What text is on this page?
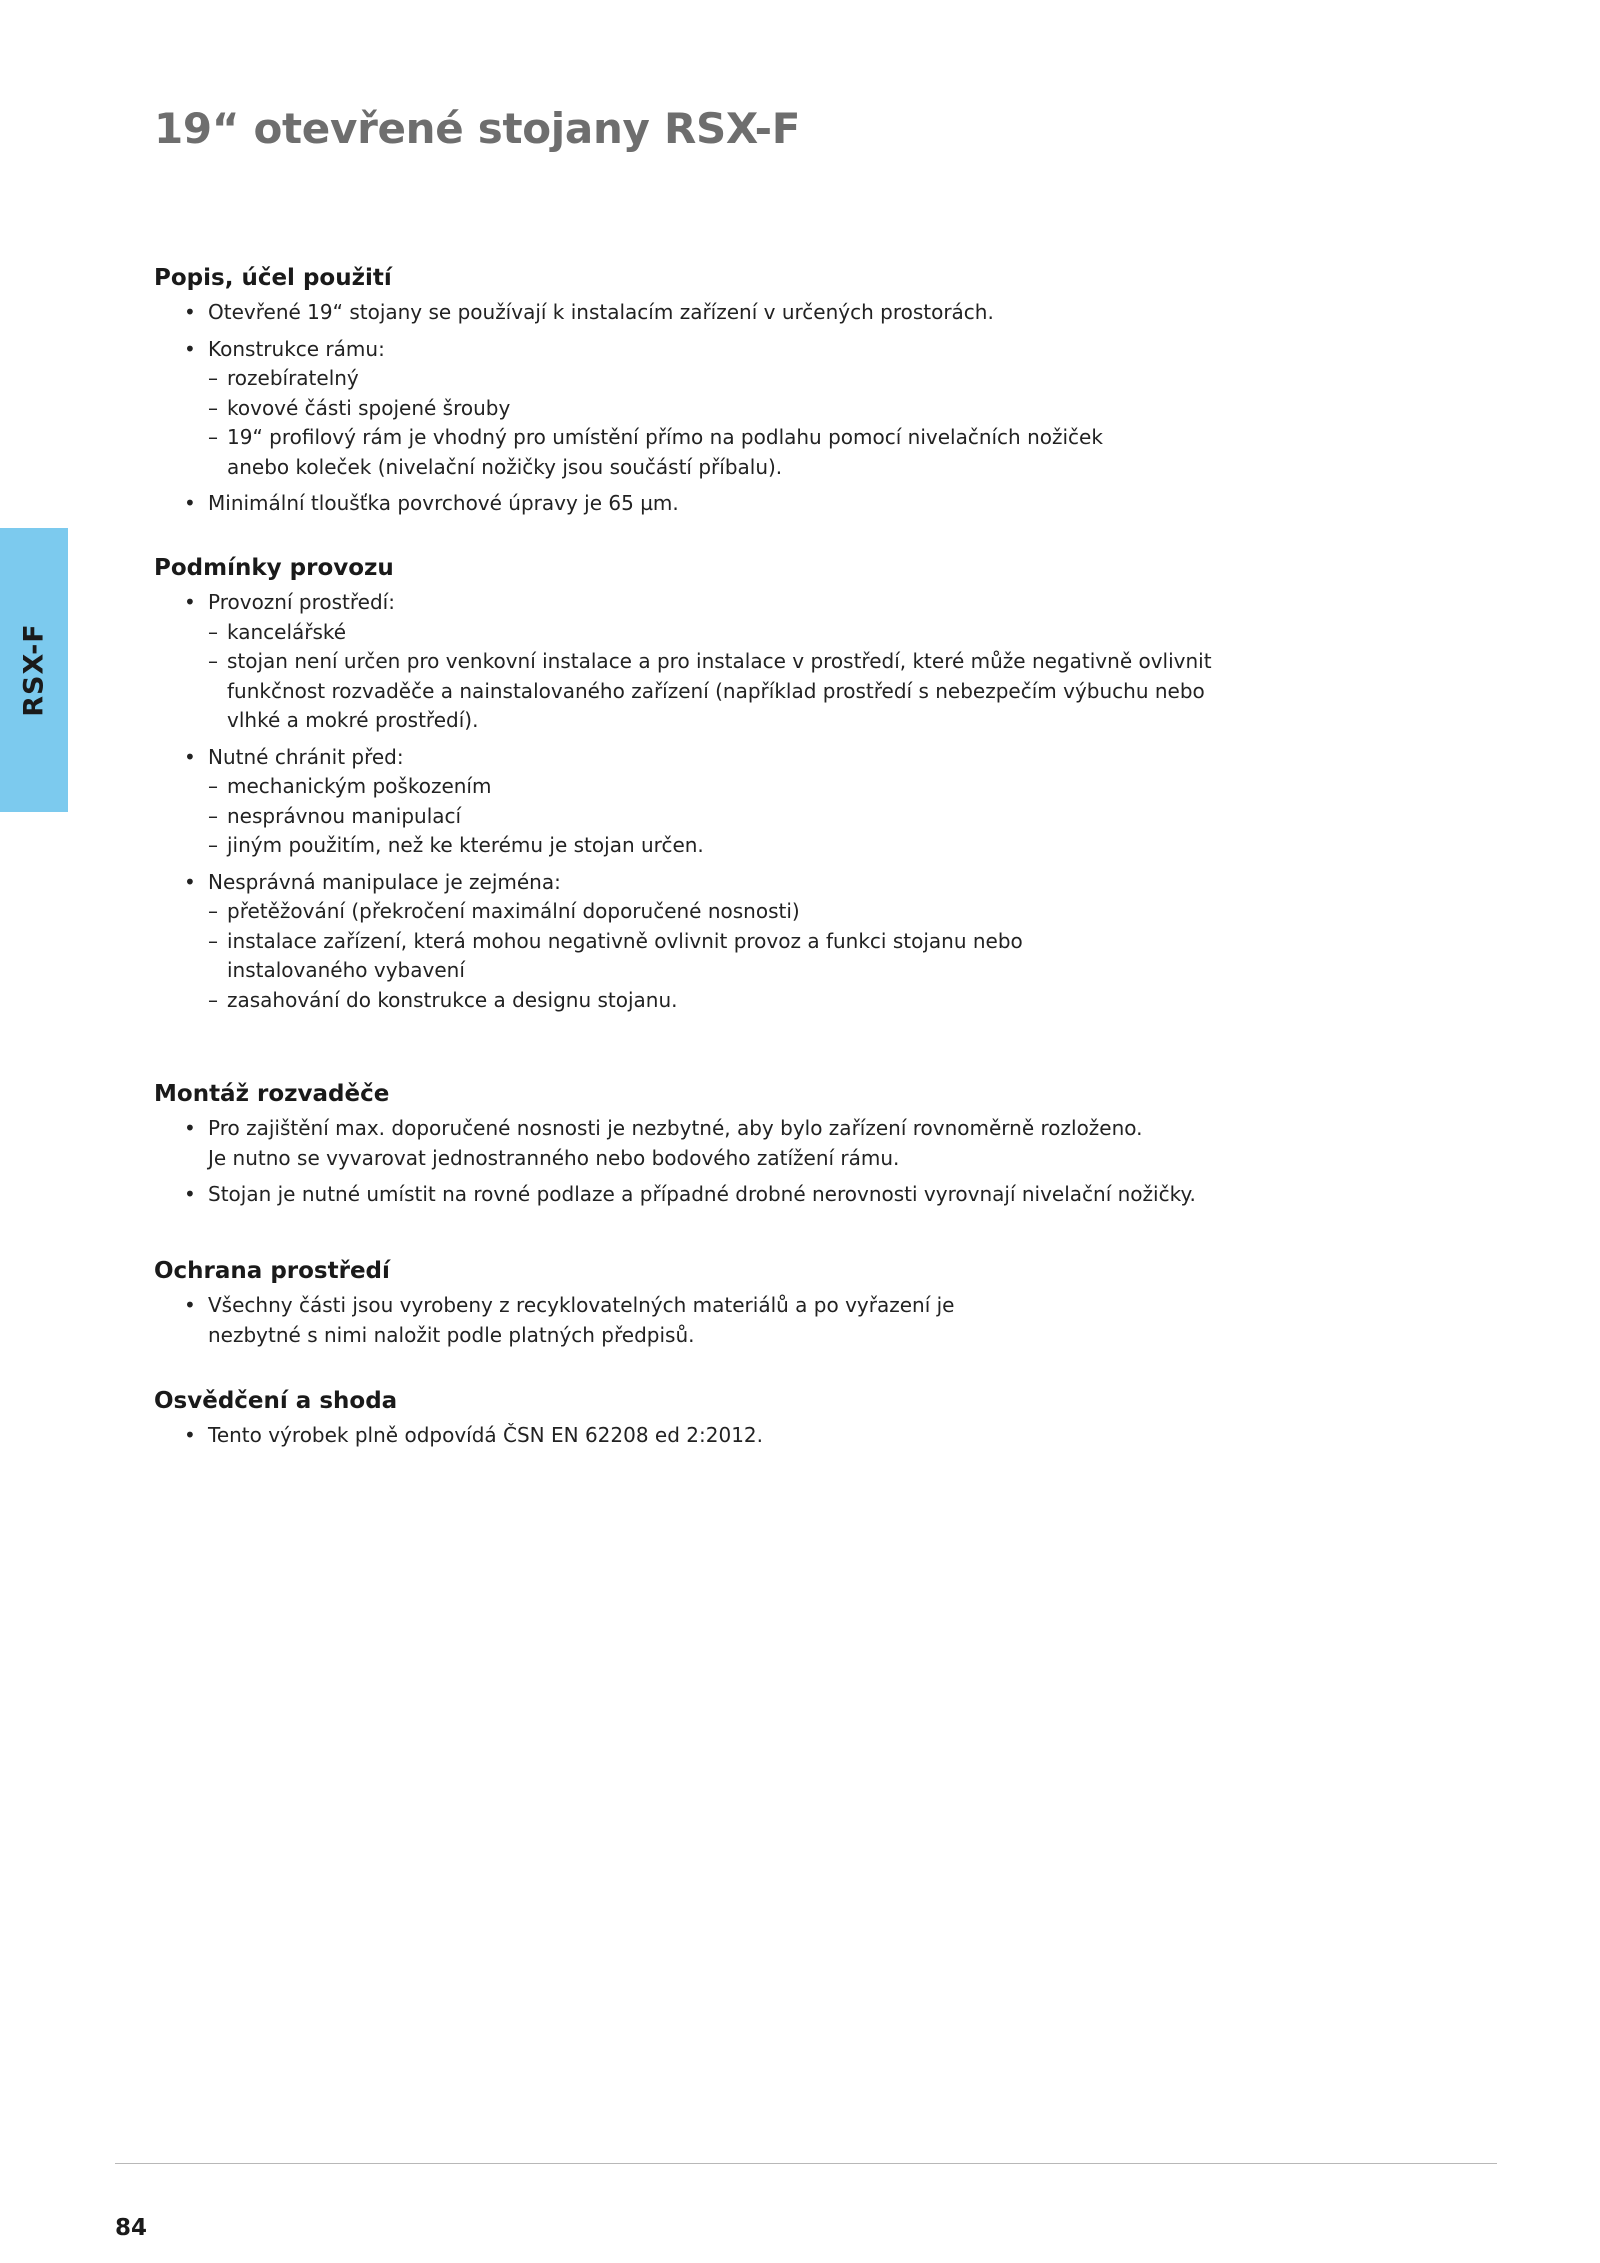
19“ otevřené stojany RSX-F
RSX-F
Popis, účel použití
• Otevřené 19“ stojany se používají k instalacím zařízení v určených prostorách.
• Konstrukce rámu:
– rozebíratelný
– kovové části spojené šrouby
– 19“ profilový rám je vhodný pro umístění přímo na podlahu pomocí nivelačních nožiček anebo koleček (nivelační nožičky jsou součástí příbalu).
• Minimální tloušťka povrchové úpravy je 65 µm.
Podmínky provozu
• Provozní prostředí:
– kancelářské
– stojan není určen pro venkovní instalace a pro instalace v prostředí, které může negativně ovlivnit funkčnost rozvaděče a nainstalovaného zařízení (například prostředí s nebezpečím výbuchu nebo vlhké a mokré prostředí).
• Nutné chránit před:
– mechanickým poškozením
– nesprávnou manipulací
– jiným použitím, než ke kterému je stojan určen.
• Nesprávná manipulace je zejména:
– přetěžování (překročení maximální doporučené nosnosti)
– instalace zařízení, která mohou negativně ovlivnit provoz a funkci stojanu nebo instalovaného vybavení
– zasahování do konstrukce a designu stojanu.
Montáž rozvaděče
• Pro zajištění max. doporučené nosnosti je nezbytné, aby bylo zařízení rovnoměrně rozloženo. Je nutno se vyvarovat jednostranného nebo bodového zatížení rámu.
• Stojan je nutné umístit na rovné podlaze a případné drobné nerovnosti vyrovnají nivelační nožičky.
Ochrana prostředí
• Všechny části jsou vyrobeny z recyklovatelných materiálů a po vyřazení je nezbytné s nimi naložit podle platných předpisů.
Osvědčení a shoda
• Tento výrobek plně odpovídá ČSN EN 62208 ed 2:2012.
84
